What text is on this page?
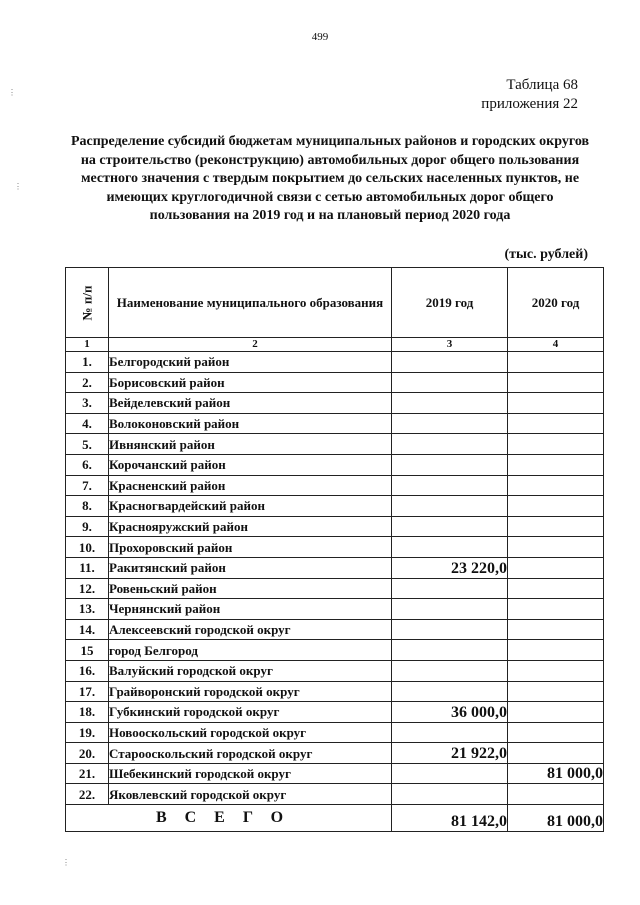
499
Таблица 68
приложения 22
Распределение субсидий бюджетам муниципальных районов и городских округов на строительство (реконструкцию) автомобильных дорог общего пользования местного значения с твердым покрытием до сельских населенных пунктов, не имеющих круглогодичной связи с сетью автомобильных дорог общего пользования на 2019 год и на плановый период 2020 года
(тыс. рублей)
№ п/п	Наименование муниципального образования	2019 год	2020 год
1	2	3	4
1.	Белгородский район		
2.	Борисовский район		
3.	Вейделевский район		
4.	Волоконовский район		
5.	Ивнянский район		
6.	Корочанский район		
7.	Красненский район		
8.	Красногвардейский район		
9.	Краснояружский район		
10.	Прохоровский район		
11.	Ракитянский район	23 220,0	
12.	Ровеньский район		
13.	Чернянский район		
14.	Алексеевский городской округ		
15	город Белгород		
16.	Валуйский городской округ		
17.	Грайворонский городской округ		
18.	Губкинский городской округ	36 000,0	
19.	Новооскольский городской округ		
20.	Старооскольский городской округ	21 922,0	
21.	Шебекинский городской округ		81 000,0
22.	Яковлевский городской округ		
ВСЕГО		81 142,0	81 000,0
⋮
⋮
⋮
